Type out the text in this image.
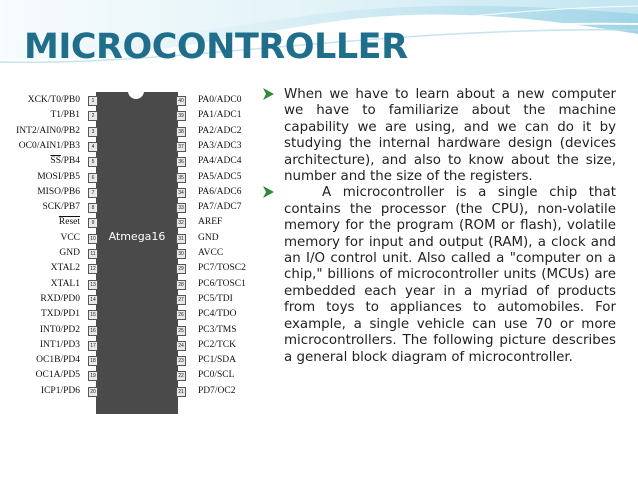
MICROCONTROLLER
Atmega16
1
XCK/T0/PB0
2
T1/PB1
3
INT2/AIN0/PB2
4
OC0/AIN1/PB3
5
$\overline{SS}/PB4$
6
MOSI/PB5
7
MISO/PB6
8
SCK/PB7
9
Reset
10
VCC
11
GND
12
XTAL2
13
XTAL1
14
RXD/PD0
15
TXD/PD1
16
INT0/PD2
17
INT1/PD3
18
OC1B/PD4
19
OC1A/PD5
20
ICP1/PD6
40 PA0/ADC0
39 PA1/ADC1
38 PA2/ADC2
37 PA3/ADC3
36 PA4/ADC4
35 PA5/ADC5
34 PA6/ADC6
33 PA7/ADC7
32 AREF
31 GND
30 AVCC
29 PC7/TOSC2
28 PC6/TOSC1
27 PC5/TDI
26 PC4/TDO
25 PC3/TMS
24 PC2/TCK
23 PC1/SDA
22 PC0/SCL
21 PD7/OC2
When we have to learn about a new computer we have to familiarize about the machine capability we are using, and we can do it by studying the internal hardware design (devices architecture), and also to know about the size, number and the size of the registers.
A microcontroller is a single chip that contains the processor (the CPU), non-volatile memory for the program (ROM or flash), volatile memory for input and output (RAM), a clock and an I/O control unit. Also called a "computer on a chip," billions of microcontroller units (MCUs) are embedded each year in a myriad of products from toys to appliances to automobiles. For example, a single vehicle can use 70 or more microcontrollers. The following picture describes a general block diagram of microcontroller.
